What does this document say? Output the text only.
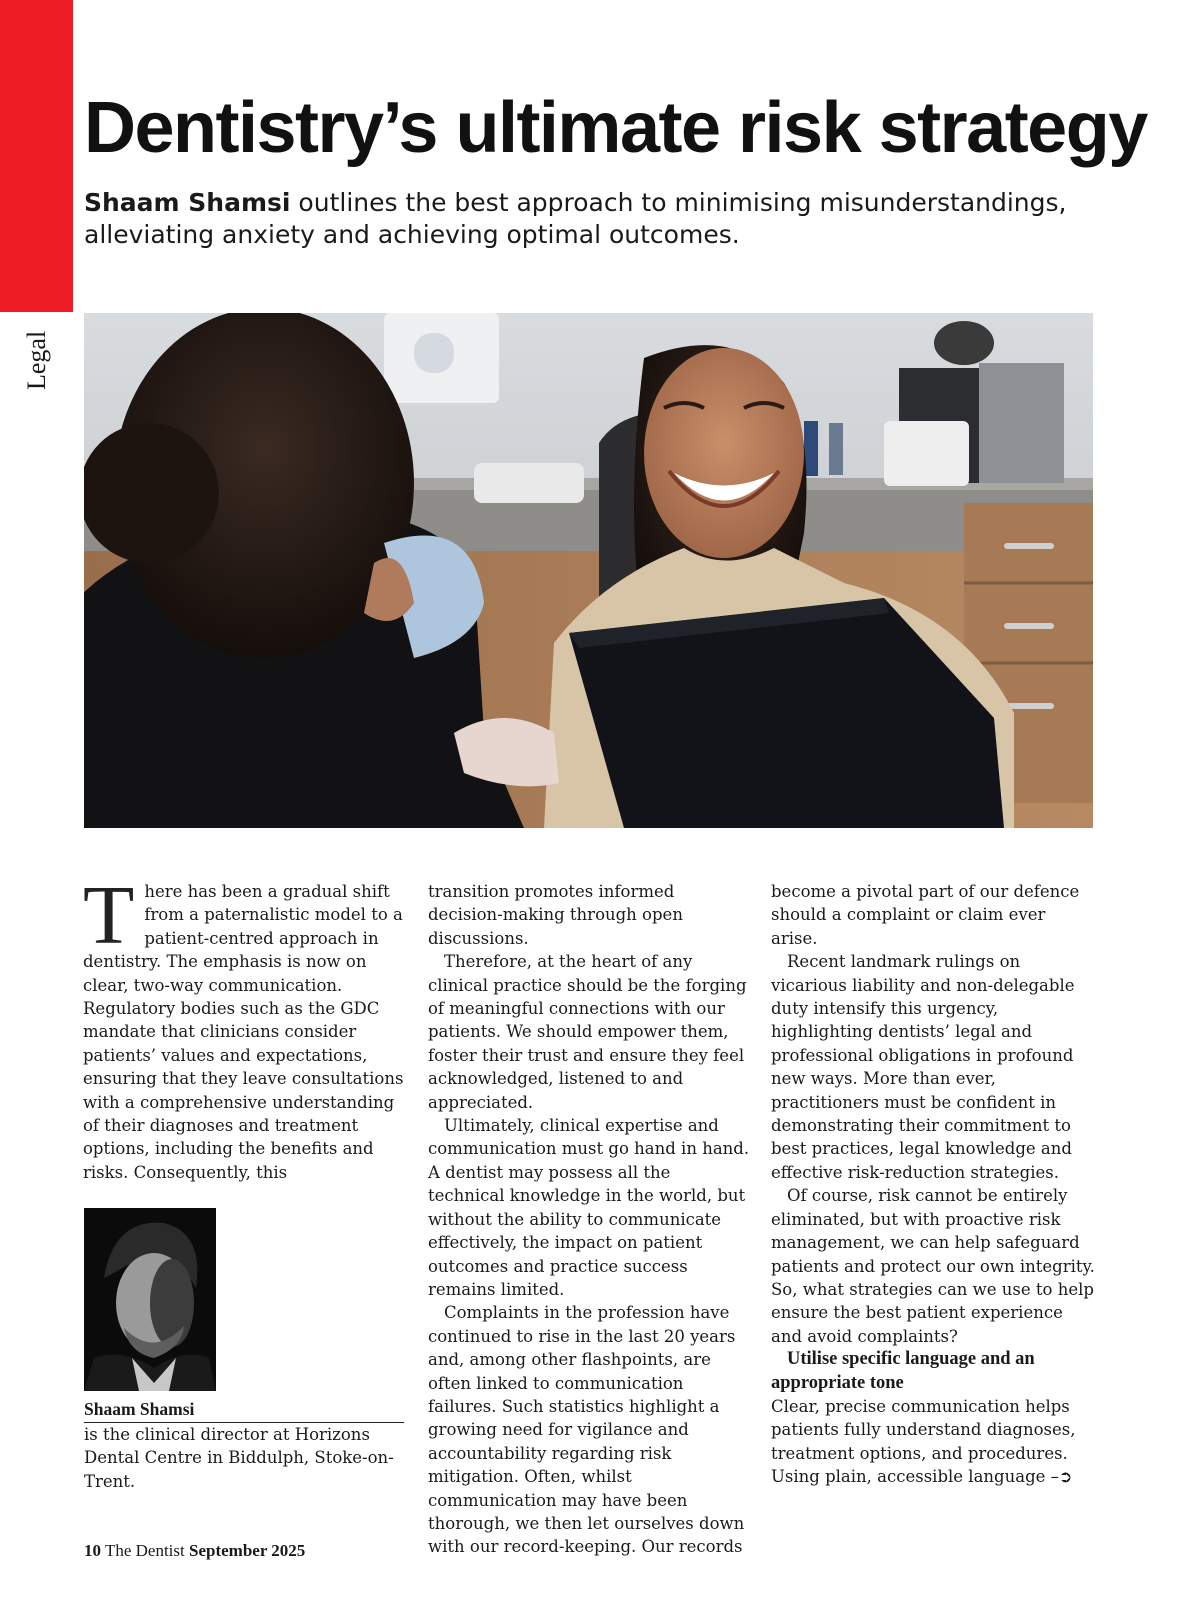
Legal
Dentistry’s ultimate risk strategy

Shaam Shamsi outlines the best approach to minimising misunderstandings, alleviating anxiety and achieving optimal outcomes.

There has been a gradual shift from a paternalistic model to a patient-centred approach in dentistry. The emphasis is now on clear, two-way communication. Regulatory bodies such as the GDC mandate that clinicians consider patients’ values and expectations, ensuring that they leave consultations with a comprehensive understanding of their diagnoses and treatment options, including the benefits and risks. Consequently, this

transition promotes informed decision-making through open discussions.

Therefore, at the heart of any clinical practice should be the forging of meaningful connections with our patients. We should empower them, foster their trust and ensure they feel acknowledged, listened to and appreciated.

Ultimately, clinical expertise and communication must go hand in hand. A dentist may possess all the technical knowledge in the world, but without the ability to communicate effectively, the impact on patient outcomes and practice success remains limited.

Complaints in the profession have continued to rise in the last 20 years and, among other flashpoints, are often linked to communication failures. Such statistics highlight a growing need for vigilance and accountability regarding risk mitigation. Often, whilst communication may have been thorough, we then let ourselves down with our record-keeping. Our records

become a pivotal part of our defence should a complaint or claim ever arise.

Recent landmark rulings on vicarious liability and non-delegable duty intensify this urgency, highlighting dentists’ legal and professional obligations in profound new ways. More than ever, practitioners must be confident in demonstrating their commitment to best practices, legal knowledge and effective risk-reduction strategies.

Of course, risk cannot be entirely eliminated, but with proactive risk management, we can help safeguard patients and protect our own integrity. So, what strategies can we use to help ensure the best patient experience and avoid complaints?

Utilise specific language and an appropriate tone

Clear, precise communication helps patients fully understand diagnoses, treatment options, and procedures. Using plain, accessible language –➲

Shaam Shamsi
is the clinical director at Horizons Dental Centre in Biddulph, Stoke-on-Trent.
10 The Dentist September 2025
